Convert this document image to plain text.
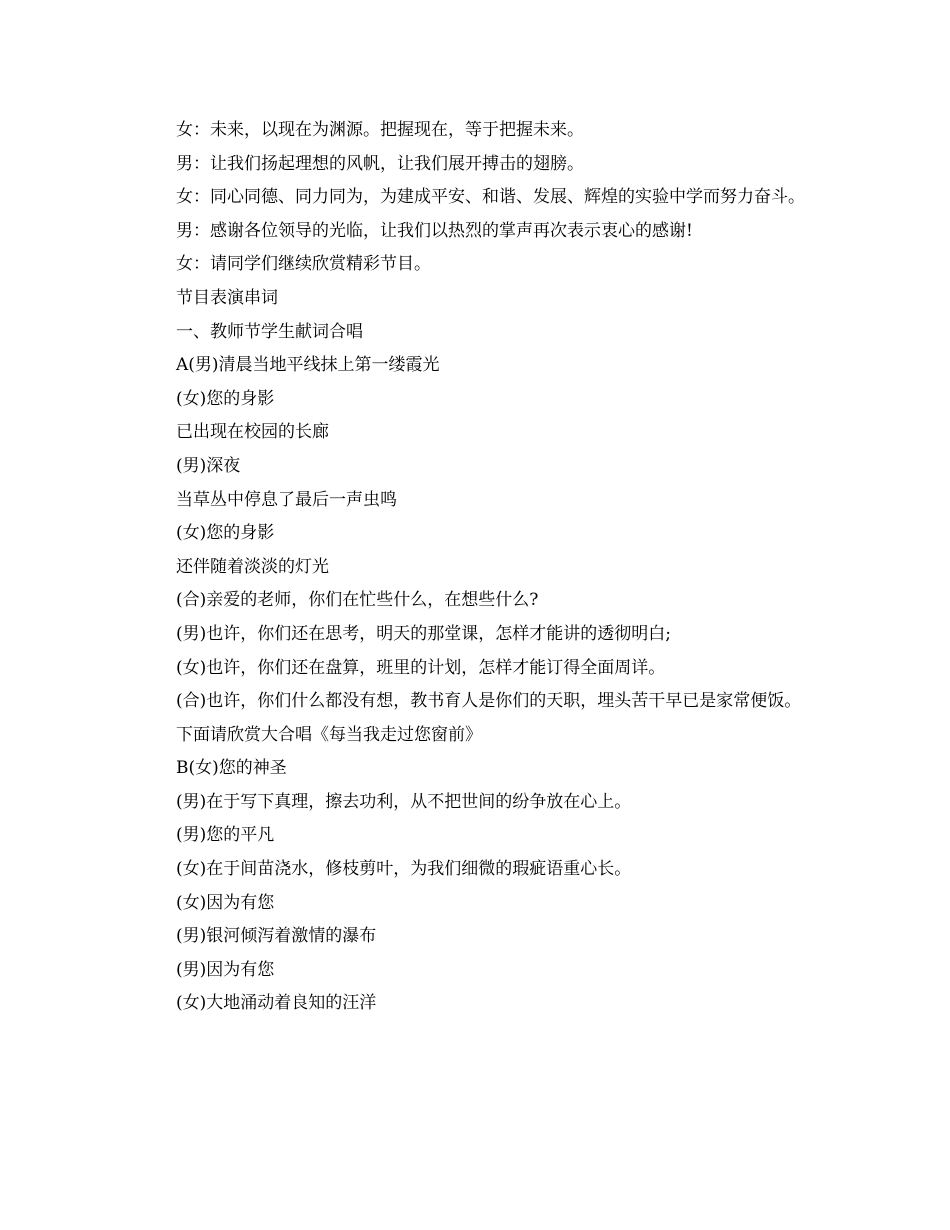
女：未来，以现在为渊源。把握现在，等于把握未来。

男：让我们扬起理想的风帆，让我们展开搏击的翅膀。

女：同心同德、同力同为，为建成平安、和谐、发展、辉煌的实验中学而努力奋斗。

男：感谢各位领导的光临，让我们以热烈的掌声再次表示衷心的感谢!

女：请同学们继续欣赏精彩节目。

节目表演串词

一、教师节学生献词合唱

A(男)清晨当地平线抹上第一缕霞光

(女)您的身影

已出现在校园的长廊

(男)深夜

当草丛中停息了最后一声虫鸣

(女)您的身影

还伴随着淡淡的灯光

(合)亲爱的老师，你们在忙些什么，在想些什么?

(男)也许，你们还在思考，明天的那堂课，怎样才能讲的透彻明白;

(女)也许，你们还在盘算，班里的计划，怎样才能订得全面周详。

(合)也许，你们什么都没有想，教书育人是你们的天职，埋头苦干早已是家常便饭。

下面请欣赏大合唱《每当我走过您窗前》

B(女)您的神圣

(男)在于写下真理，擦去功利，从不把世间的纷争放在心上。

(男)您的平凡

(女)在于间苗浇水，修枝剪叶，为我们细微的瑕疵语重心长。

(女)因为有您

(男)银河倾泻着激情的瀑布

(男)因为有您

(女)大地涌动着良知的汪洋
